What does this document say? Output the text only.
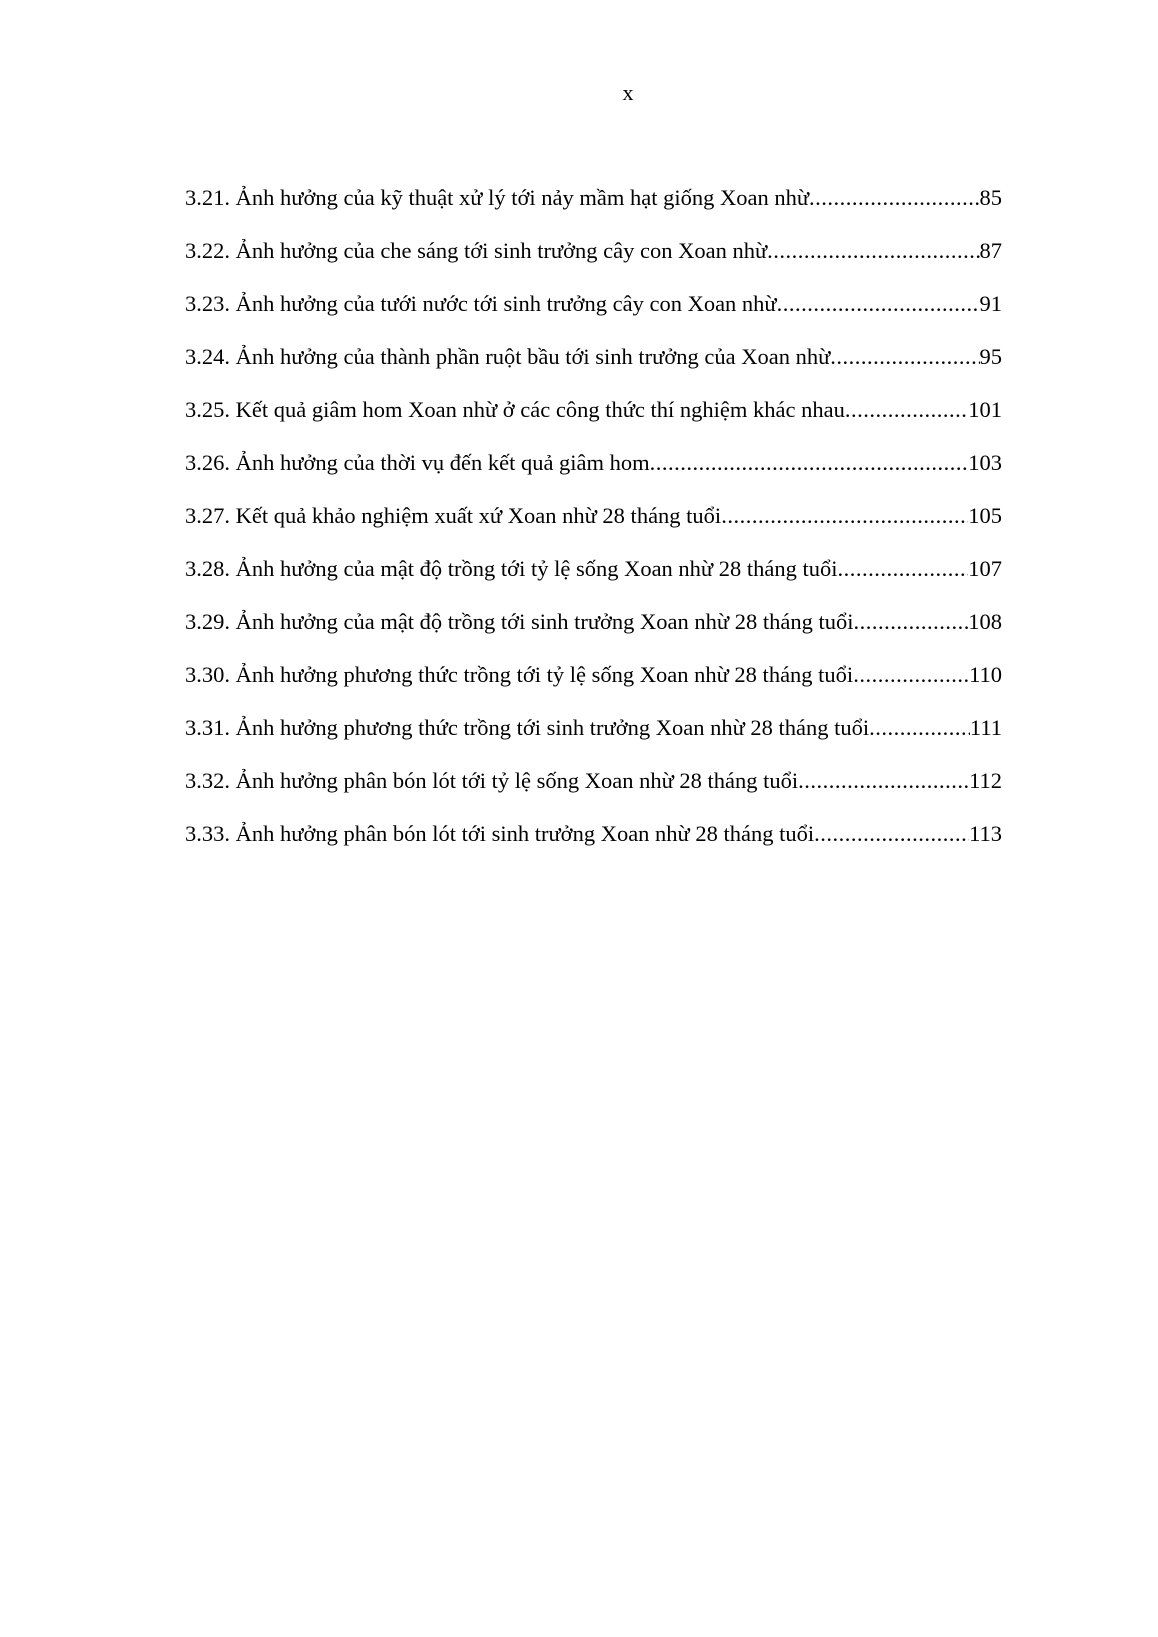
x
3.21. Ảnh hưởng của kỹ thuật xử lý tới nảy mầm hạt giống Xoan nhừ .....	85
3.22. Ảnh hưởng của che sáng tới sinh trưởng cây con Xoan nhừ .....	87
3.23. Ảnh hưởng của tưới nước tới sinh trưởng cây con Xoan nhừ .....	91
3.24. Ảnh hưởng của thành phần ruột bầu tới sinh trưởng của Xoan nhừ .....	95
3.25. Kết quả giâm hom Xoan nhừ ở các công thức thí nghiệm khác nhau .....	101
3.26. Ảnh hưởng của thời vụ đến kết quả giâm hom .....	103
3.27. Kết quả khảo nghiệm xuất xứ Xoan nhừ 28 tháng tuổi .....	105
3.28. Ảnh hưởng của mật độ trồng tới tỷ lệ sống Xoan nhừ 28 tháng tuổi .....	107
3.29. Ảnh hưởng của mật độ trồng tới sinh trưởng Xoan nhừ 28 tháng tuổi .....	108
3.30. Ảnh hưởng phương thức trồng tới tỷ lệ sống Xoan nhừ 28 tháng tuổi .....	110
3.31. Ảnh hưởng phương thức trồng tới sinh trưởng Xoan nhừ 28 tháng tuổi .....	111
3.32. Ảnh hưởng phân bón lót tới tỷ lệ sống Xoan nhừ 28 tháng tuổi .....	112
3.33. Ảnh hưởng phân bón lót tới sinh trưởng Xoan nhừ 28 tháng tuổi .....	113
